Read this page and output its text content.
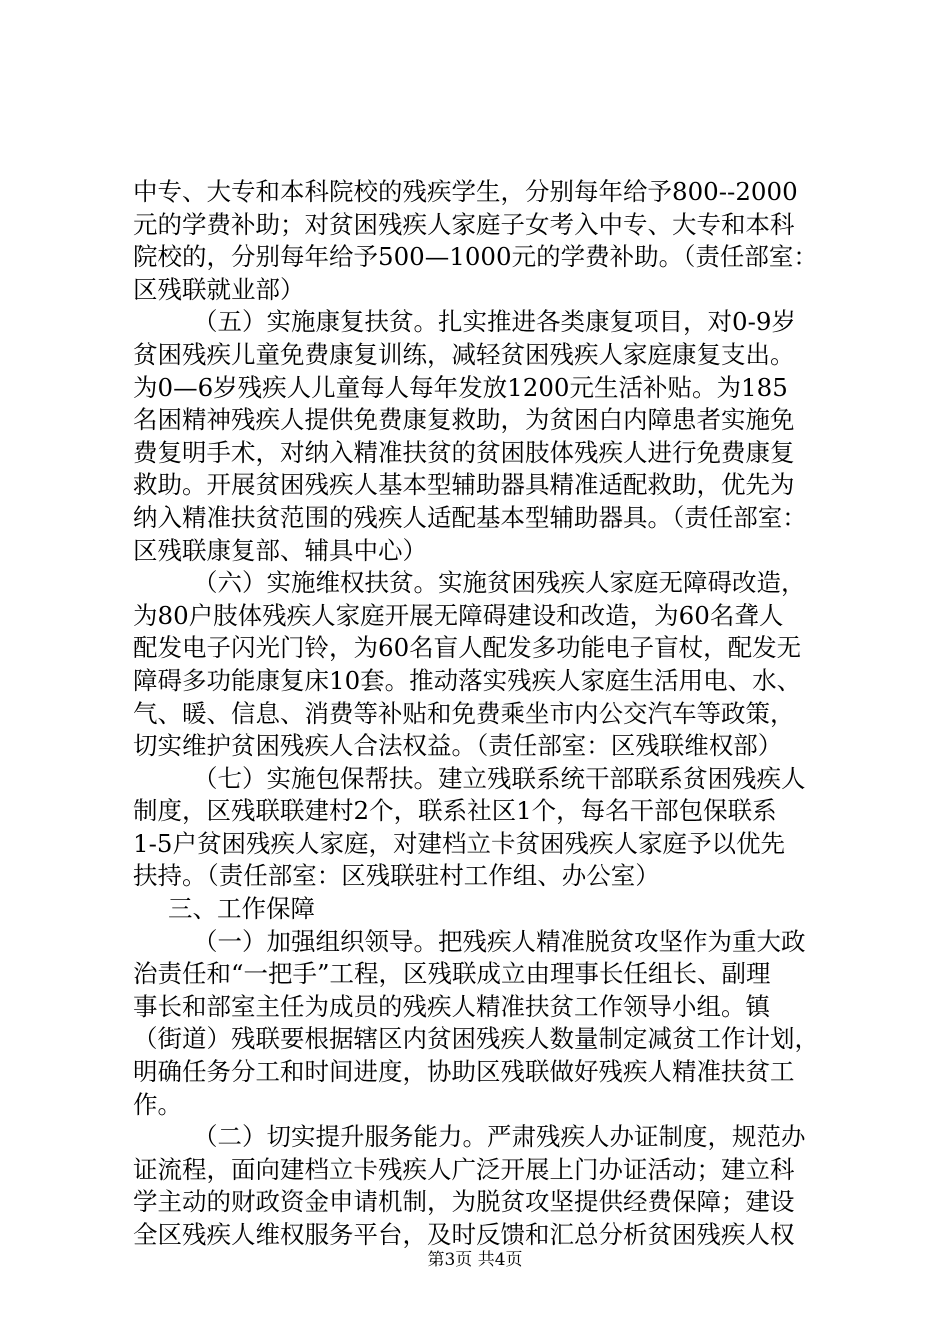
中专、大专和本科院校的残疾学生，分别每年给予800--2000
元的学费补助；对贫困残疾人家庭子女考入中专、大专和本科
院校的，分别每年给予500—1000元的学费补助。（责任部室：
区残联就业部）
（五）实施康复扶贫。扎实推进各类康复项目，对0-9岁
贫困残疾儿童免费康复训练，减轻贫困残疾人家庭康复支出。
为0—6岁残疾人儿童每人每年发放1200元生活补贴。为185
名困精神残疾人提供免费康复救助，为贫困白内障患者实施免
费复明手术，对纳入精准扶贫的贫困肢体残疾人进行免费康复
救助。开展贫困残疾人基本型辅助器具精准适配救助，优先为
纳入精准扶贫范围的残疾人适配基本型辅助器具。（责任部室：
区残联康复部、辅具中心）
（六）实施维权扶贫。实施贫困残疾人家庭无障碍改造，
为80户肢体残疾人家庭开展无障碍建设和改造，为60名聋人
配发电子闪光门铃，为60名盲人配发多功能电子盲杖，配发无
障碍多功能康复床10套。推动落实残疾人家庭生活用电、水、
气、暖、信息、消费等补贴和免费乘坐市内公交汽车等政策，
切实维护贫困残疾人合法权益。（责任部室：区残联维权部）
（七）实施包保帮扶。建立残联系统干部联系贫困残疾人
制度，区残联联建村2个，联系社区1个，每名干部包保联系
1-5户贫困残疾人家庭，对建档立卡贫困残疾人家庭予以优先
扶持。（责任部室：区残联驻村工作组、办公室）
三、工作保障
（一）加强组织领导。把残疾人精准脱贫攻坚作为重大政
治责任和“一把手”工程，区残联成立由理事长任组长、副理
事长和部室主任为成员的残疾人精准扶贫工作领导小组。镇
（街道）残联要根据辖区内贫困残疾人数量制定减贫工作计划，
明确任务分工和时间进度，协助区残联做好残疾人精准扶贫工
作。
（二）切实提升服务能力。严肃残疾人办证制度，规范办
证流程，面向建档立卡残疾人广泛开展上门办证活动；建立科
学主动的财政资金申请机制，为脱贫攻坚提供经费保障；建设
全区残疾人维权服务平台，及时反馈和汇总分析贫困残疾人权
第3页 共4页
